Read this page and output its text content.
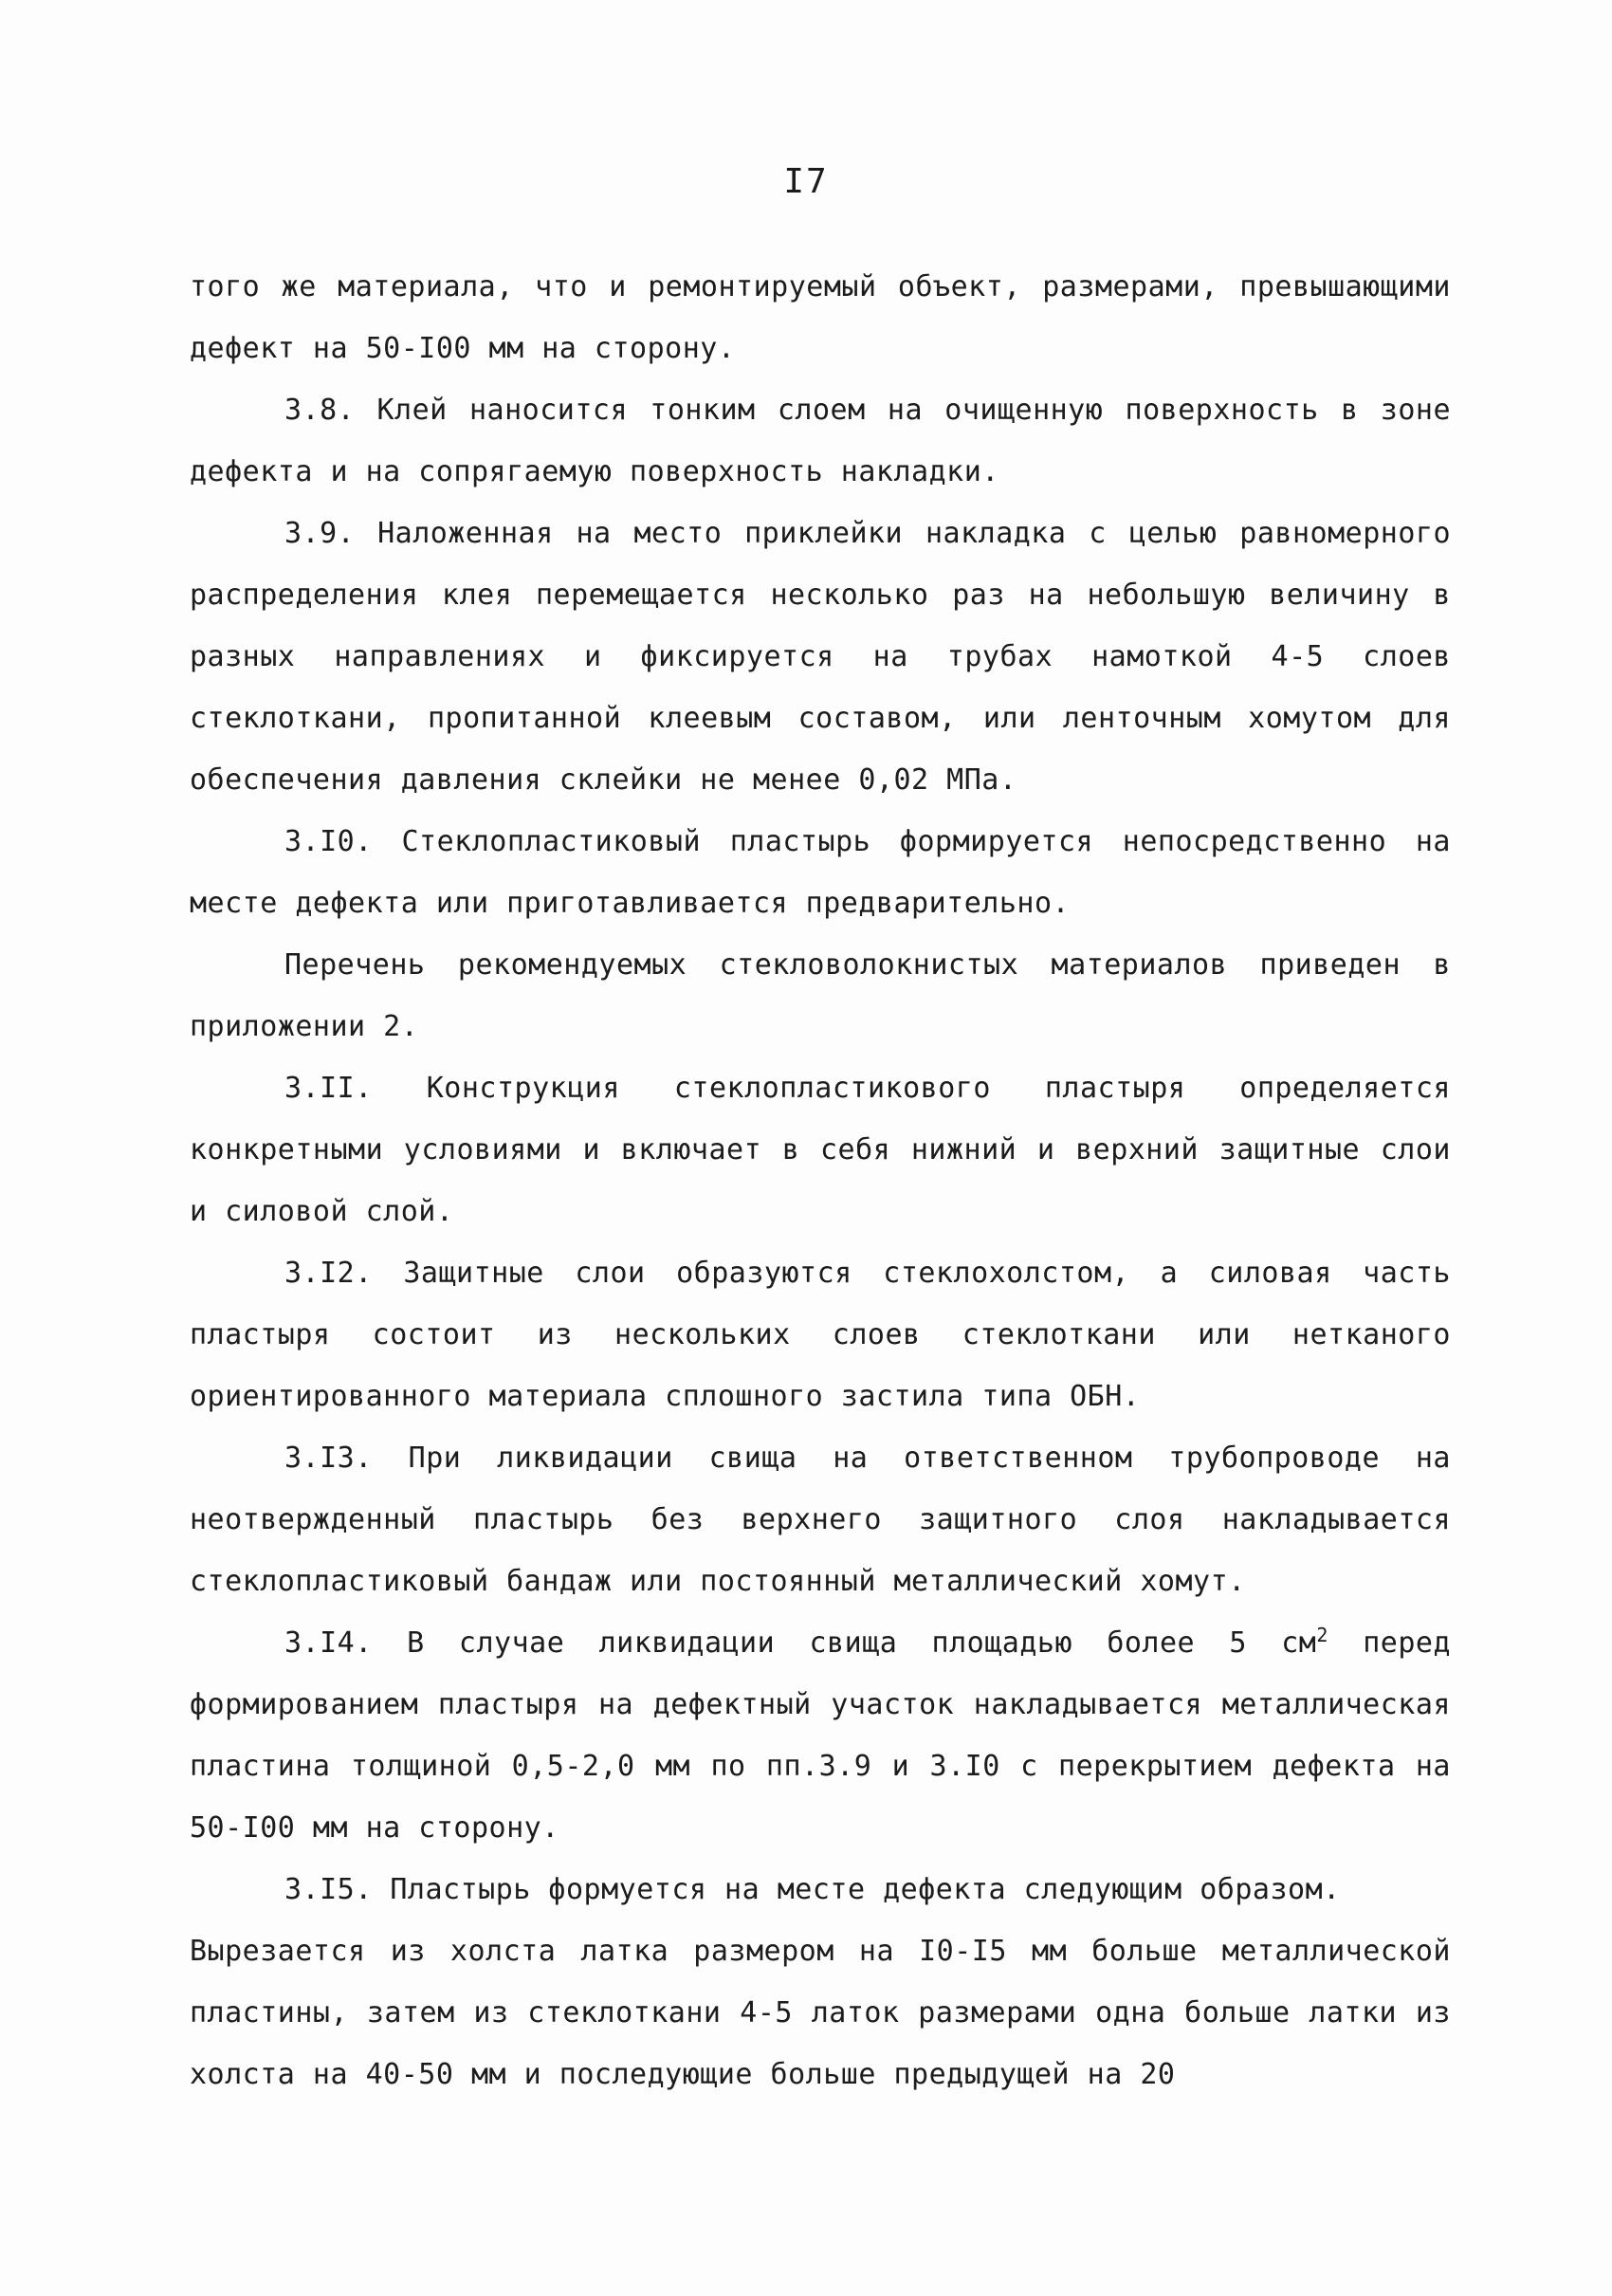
I7

того же материала, что и ремонтируемый объект, размерами, превышающими дефект на 50-I00 мм на сторону.

3.8. Клей наносится тонким слоем на очищенную поверхность в зоне дефекта и на сопрягаемую поверхность накладки.

3.9. Наложенная на место приклейки накладка с целью равномерного распределения клея перемещается несколько раз на небольшую величину в разных направлениях и фиксируется на трубах намоткой 4-5 слоев стеклоткани, пропитанной клеевым составом, или ленточным хомутом для обеспечения давления склейки не менее 0,02 МПа.

3.I0. Стеклопластиковый пластырь формируется непосредственно на месте дефекта или приготавливается предварительно.

Перечень рекомендуемых стекловолокнистых материалов приведен в приложении 2.

3.II. Конструкция стеклопластикового пластыря определяется конкретными условиями и включает в себя нижний и верхний защитные слои и силовой слой.

3.I2. Защитные слои образуются стеклохолстом, а силовая часть пластыря состоит из нескольких слоев стеклоткани или нетканого ориентированного материала сплошного застила типа ОБН.

3.I3. При ликвидации свища на ответственном трубопроводе на неотвержденный пластырь без верхнего защитного слоя накладывается стеклопластиковый бандаж или постоянный металлический хомут.

3.I4. В случае ликвидации свища площадью более 5 $см^2$ перед формированием пластыря на дефектный участок накладывается металлическая пластина толщиной 0,5-2,0 мм по пп.3.9 и 3.I0 с перекрытием дефекта на 50-I00 мм на сторону.

3.I5. Пластырь формуется на месте дефекта следующим образом.

Вырезается из холста латка размером на I0-I5 мм больше металлической пластины, затем из стеклоткани 4-5 латок размерами одна больше латки из холста на 40-50 мм и последующие больше предыдущей на 20
